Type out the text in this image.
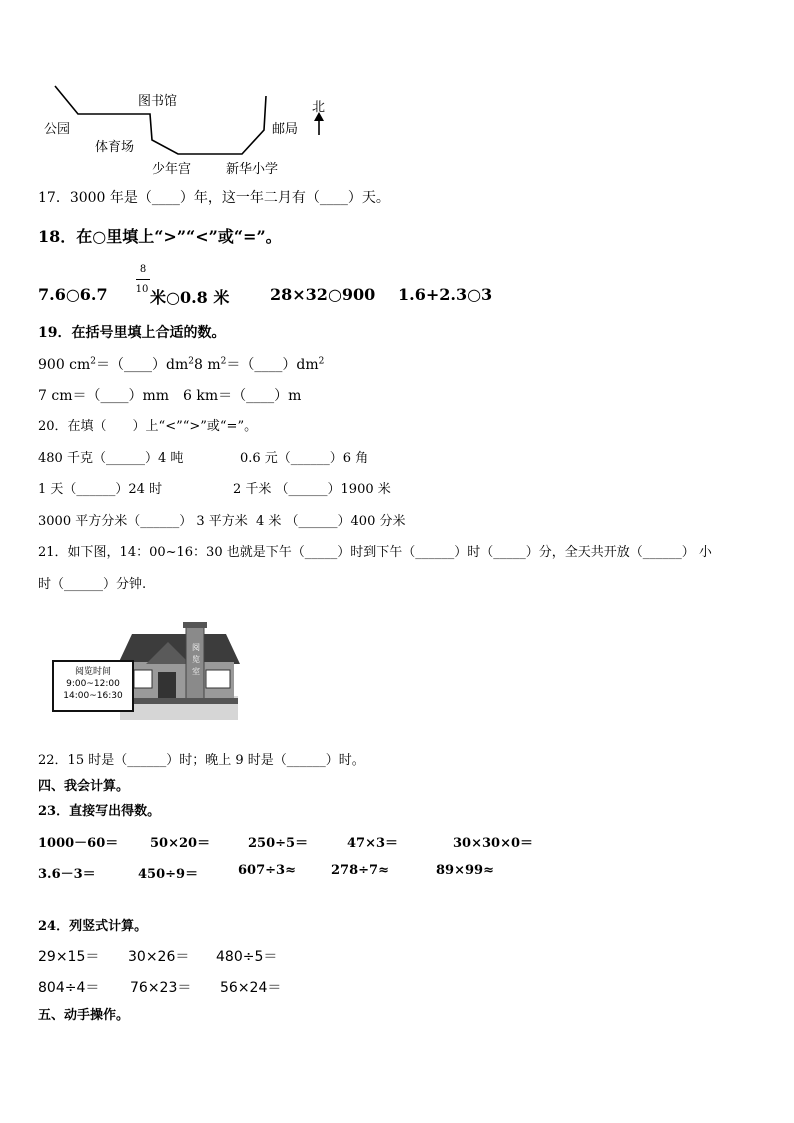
公园
图书馆
体育场
少年宫	新华小学
邮局
北
17．3000 年是（____）年，这一年二月有（____）天。
18．在○里填上“>”“<”或“=”。
7.6○6.7
8
10 米○0.8 米	28×32○900 1.6+2.3○3
19．在括号里填上合适的数。
900 $cm^2=(\_\_\_\_)dm^28$ $m^2=(\_\_\_\_)dm^2$
7 cm＝（____）mm　6 km＝（____）m
20．在填（　　）上“<”“>”或“=”。
480 千克（______）4 吨	0.6 元（______）6 角
1 天（______）24 时	2 千米 （______）1900 米
3000 平方分米（______） 3 平方米 4 米 （______）400 分米
21．如下图，14：00~16：30 也就是下午（_____）时到下午（______）时（_____）分，全天共开放（______） 小
时（______）分钟.
阅
览
室
阅览时间
9:00~12:00
14:00~16:30
22．15 时是（______）时；晚上 9 时是（______）时。
四、我会计算。
23．直接写出得数。
1000－60＝ 50×20＝	250÷5＝	47×3＝	30×30×0＝
3.6－3＝	450÷9＝	607÷3≈	278÷7≈	89×99≈
24．列竖式计算。
29×15＝ 30×26＝ 480÷5＝
804÷4＝ 76×23＝ 56×24＝
五、动手操作。
